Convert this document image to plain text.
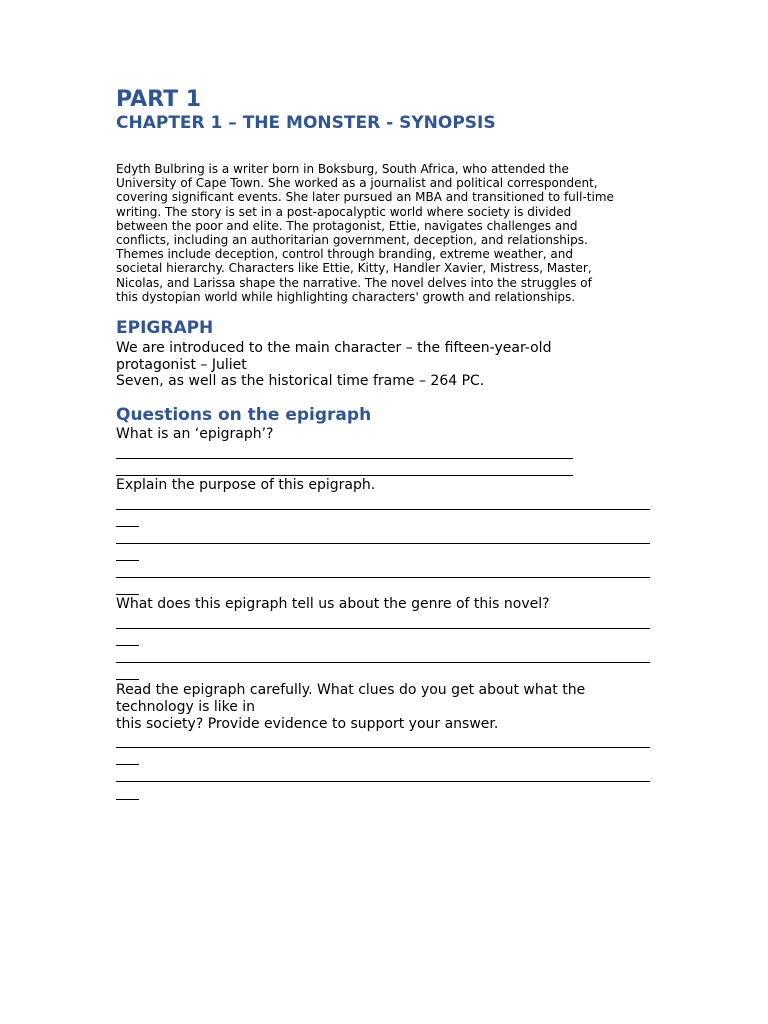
PART 1
CHAPTER 1 – THE MONSTER - SYNOPSIS
Edyth Bulbring is a writer born in Boksburg, South Africa, who attended the
University of Cape Town. She worked as a journalist and political correspondent,
covering significant events. She later pursued an MBA and transitioned to full-time
writing. The story is set in a post-apocalyptic world where society is divided
between the poor and elite. The protagonist, Ettie, navigates challenges and
conflicts, including an authoritarian government, deception, and relationships.
Themes include deception, control through branding, extreme weather, and
societal hierarchy. Characters like Ettie, Kitty, Handler Xavier, Mistress, Master,
Nicolas, and Larissa shape the narrative. The novel delves into the struggles of
this dystopian world while highlighting characters' growth and relationships.
EPIGRAPH

We are introduced to the main character – the fifteen-year-old

protagonist – Juliet

Seven, as well as the historical time frame – 264 PC.

Questions on the epigraph

What is an ‘epigraph’?

Explain the purpose of this epigraph.

What does this epigraph tell us about the genre of this novel?

Read the epigraph carefully. What clues do you get about what the

technology is like in

this society? Provide evidence to support your answer.
